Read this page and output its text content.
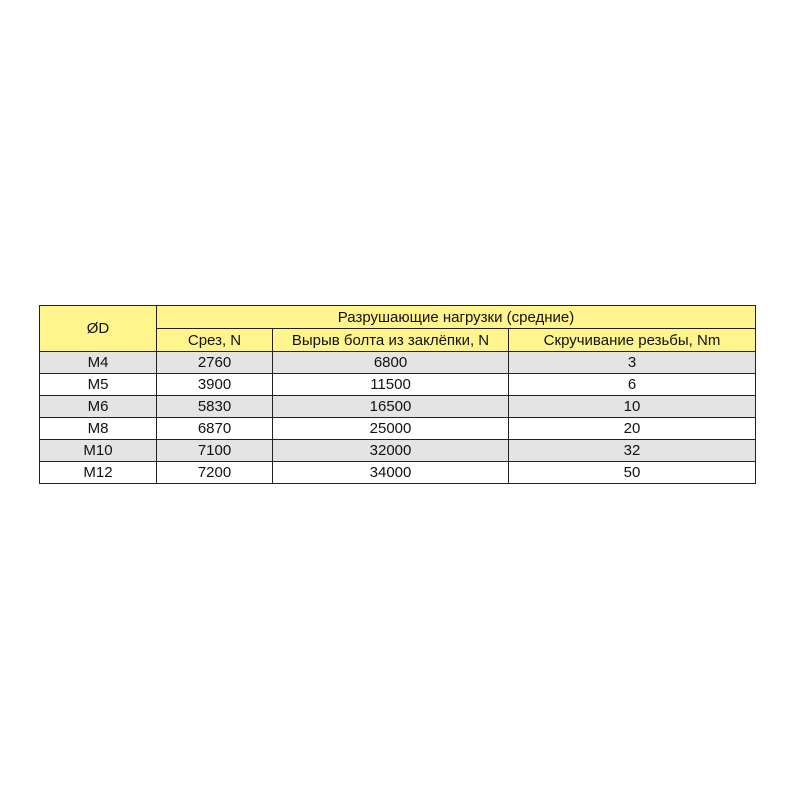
ØD	Разрушающие нагрузки (средние)		
	Срез, N	Вырыв болта из заклёпки, N	Скручивание резьбы, Nm
M4	2760	6800	3
M5	3900	11500	6
M6	5830	16500	10
M8	6870	25000	20
M10	7100	32000	32
M12	7200	34000	50
